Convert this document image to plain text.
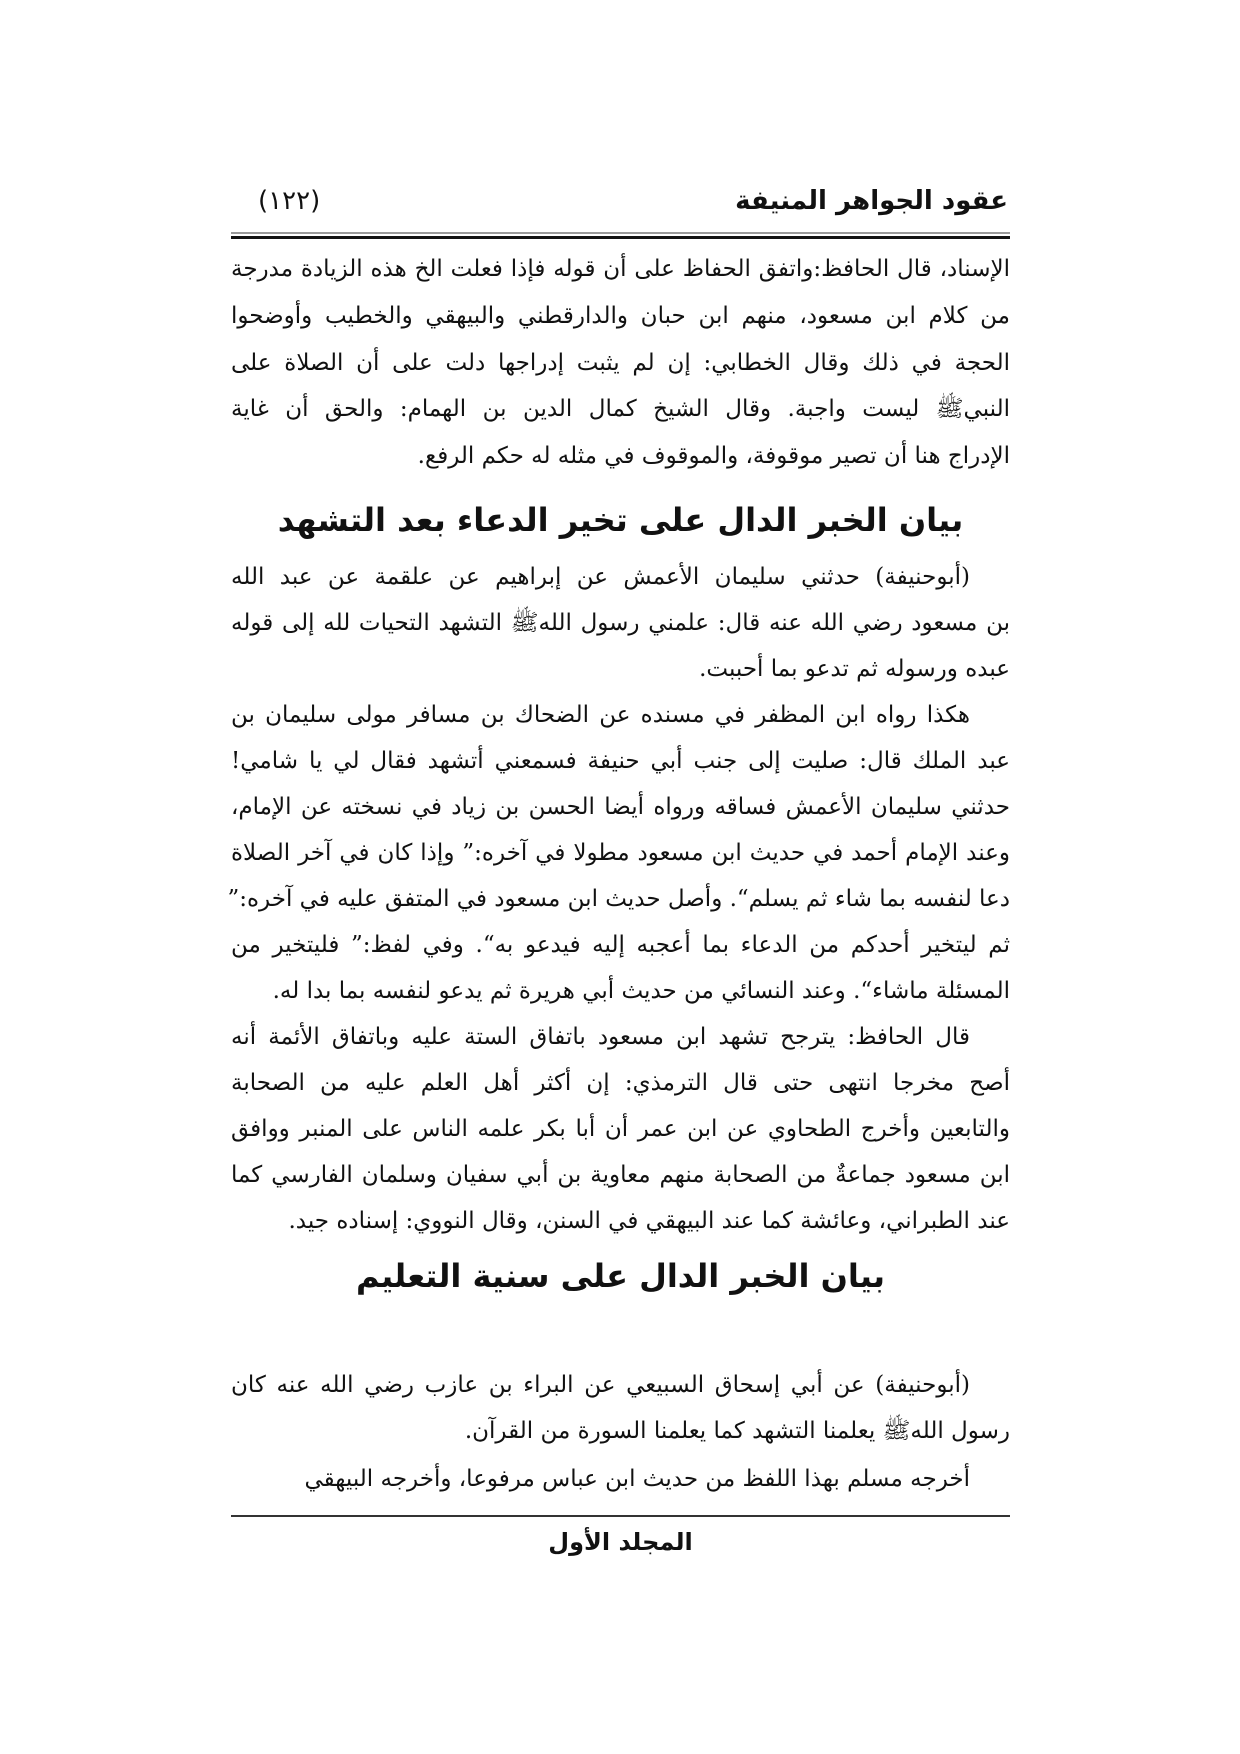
عقود الجواهر المنيفة
(١٢٢)
الإسناد، قال الحافظ:واتفق الحفاظ على أن قوله فإذا فعلت الخ هذه الزيادة مدرجة
من كلام ابن مسعود، منهم ابن حبان والدارقطني والبيهقي والخطيب وأوضحوا
الحجة في ذلك وقال الخطابي: إن لم يثبت إدراجها دلت على أن الصلاة على
النبيﷺ ليست واجبة. وقال الشيخ كمال الدين بن الهمام: والحق أن غاية
الإدراج هنا أن تصير موقوفة، والموقوف في مثله له حكم الرفع.
بيان الخبر الدال على تخير الدعاء بعد التشهد
(أبوحنيفة) حدثني سليمان الأعمش عن إبراهيم عن علقمة عن عبد الله
بن مسعود رضي الله عنه قال: علمني رسول اللهﷺ التشهد التحيات لله إلى قوله
عبده ورسوله ثم تدعو بما أحببت.
هكذا رواه ابن المظفر في مسنده عن الضحاك بن مسافر مولى سليمان بن
عبد الملك قال: صليت إلى جنب أبي حنيفة فسمعني أتشهد فقال لي يا شامي!
حدثني سليمان الأعمش فساقه ورواه أيضا الحسن بن زياد في نسخته عن الإمام،
وعند الإمام أحمد في حديث ابن مسعود مطولا في آخره:” وإذا كان في آخر الصلاة
دعا لنفسه بما شاء ثم يسلم“. وأصل حديث ابن مسعود في المتفق عليه في آخره:”
ثم ليتخير أحدكم من الدعاء بما أعجبه إليه فيدعو به“. وفي لفظ:” فليتخير من
المسئلة ماشاء“. وعند النسائي من حديث أبي هريرة ثم يدعو لنفسه بما بدا له.
قال الحافظ: يترجح تشهد ابن مسعود باتفاق الستة عليه وباتفاق الأئمة أنه
أصح مخرجا انتهى حتى قال الترمذي: إن أكثر أهل العلم عليه من الصحابة
والتابعين وأخرج الطحاوي عن ابن عمر أن أبا بكر علمه الناس على المنبر ووافق
ابن مسعود جماعةٌ من الصحابة منهم معاوية بن أبي سفيان وسلمان الفارسي كما
عند الطبراني، وعائشة كما عند البيهقي في السنن، وقال النووي: إسناده جيد.
بيان الخبر الدال على سنية التعليم
(أبوحنيفة) عن أبي إسحاق السبيعي عن البراء بن عازب رضي الله عنه كان
رسول اللهﷺ يعلمنا التشهد كما يعلمنا السورة من القرآن.
أخرجه مسلم بهذا اللفظ من حديث ابن عباس مرفوعا، وأخرجه البيهقي
المجلد الأول
